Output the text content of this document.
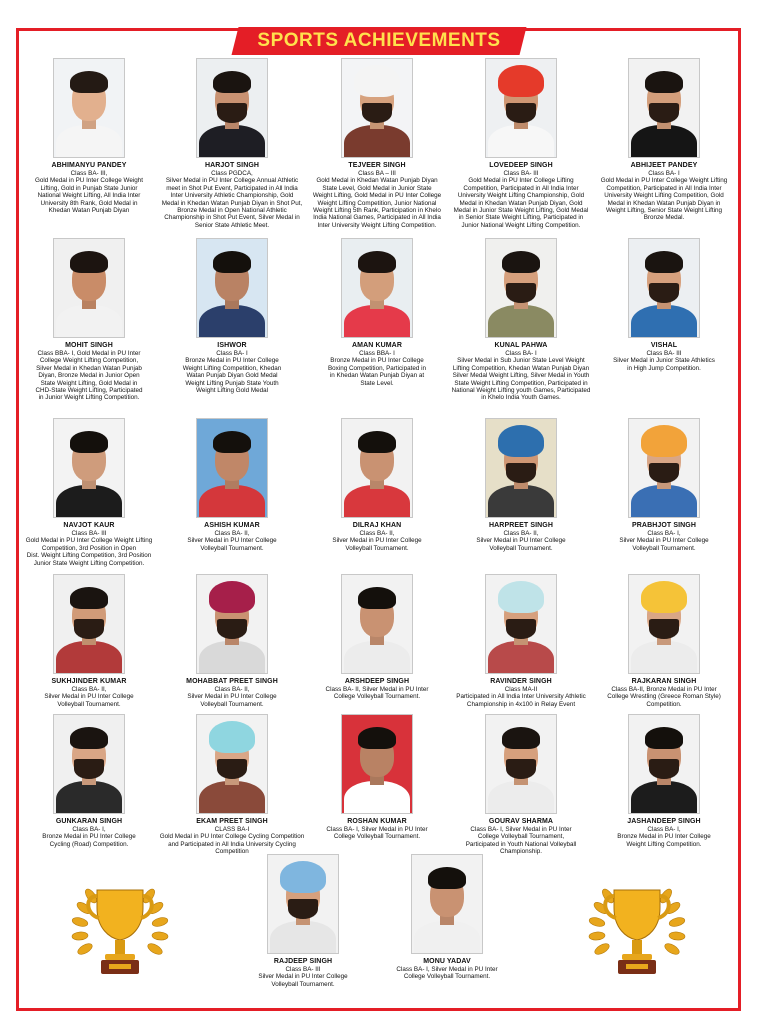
SPORTS ACHIEVEMENTS
ABHIMANYU PANDEY
Class BA- III,
Gold Medal in PU Inter College Weight
Lifting, Gold in Punjab State Junior
National Weight Lifting, All India Inter
University 8th Rank, Gold Medal in
Khedan Watan Punjab Diyan
HARJOT SINGH
Class PGDCA,
Silver Medal in PU Inter College Annual Athletic
meet in Shot Put Event, Participated in All India
Inter University Athletic Championship, Gold
Medal in Khedan Watan Punjab Diyan in Shot Put,
Bronze Medal in Open National Athletic
Championship in Shot Put Event, Silver Medal in
Senior State Athletic Meet.
TEJVEER SINGH
Class BA – III
Gold Medal in Khedan Watan Punjab Diyan
State Level, Gold Medal in Junior State
Weight Lifting, Gold Medal in PU Inter College
Weight Lifting Competition, Junior National
Weight Lifting 5th Rank, Participation in Khelo
India National Games, Participated in All India
Inter University Weight Lifting Competition.
LOVEDEEP SINGH
Class BA- III
Gold Medal in PU Inter College Lifting
Competition, Participated in All India Inter
University Weight Lifting Championship, Gold
Medal in Khedan Watan Punjab Diyan, Gold
Medal in Junior State Weight Lifting, Gold Medal
in Senior State Weight Lifting, Participated in
Junior National Weight Lifting Competition.
ABHIJEET PANDEY
Class BA- I
Gold Medal in PU Inter College Weight Lifting
Competition, Participated in All India Inter
University Weight Lifting Competition, Gold
Medal in Khedan Watan Punjab Diyan in
Weight Lifting, Senior State Weight Lifting
Bronze Medal.
MOHIT SINGH
Class BBA- I, Gold Medal in PU Inter
College Weight Lifting Competition,
Silver Medal in Khedan Watan Punjab
Diyan, Bronze Medal in Junior Open
State Weight Lifting, Gold Medal in
CHD-State Weight Lifting, Participated
in Junior Weight Lifting Competition.
ISHWOR
Class BA- I
Bronze Medal in PU Inter College
Weight Lifting Competition, Khedan
Watan Punjab Diyan Gold Medal
Weight Lifting Punjab State Youth
Weight Lifting Gold Medal
AMAN KUMAR
Class BBA- I
Bronze Medal in PU Inter College
Boxing Competition, Participated in
in Khedan Watan Punjab Diyan at
State Level.
KUNAL PAHWA
Class BA- I
Silver Medal in Sub Junior State Level Weight
Lifting Competition, Khedan Watan Punjab Diyan
Silver Medal Weight Lifting, Silver Medal in Youth
State Weight Lifting Competition, Participated in
National Weight Lifting youth Games, Participated
in Khelo India Youth Games.
VISHAL
Class BA- III
Silver Medal in Junior State Athletics
in High Jump Competition.
NAVJOT KAUR
Class BA- III
Gold Medal in PU Inter College Weight Lifting
Competition, 3rd Position in Open
Dist. Weight Lifting Competition, 3rd Position
Junior State Weight Lifting Competition.
ASHISH KUMAR
Class BA- II,
Silver Medal in PU Inter College
Volleyball Tournament.
DILRAJ KHAN
Class BA- II,
Silver Medal in PU Inter College
Volleyball Tournament.
HARPREET SINGH
Class BA- II,
Silver Medal in PU Inter College
Volleyball Tournament.
PRABHJOT SINGH
Class BA- I,
Silver Medal in PU Inter College
Volleyball Tournament.
SUKHJINDER KUMAR
Class BA- II,
Silver Medal in PU Inter College
Volleyball Tournament.
MOHABBAT PREET SINGH
Class BA- II,
Silver Medal in PU Inter College
Volleyball Tournament.
ARSHDEEP SINGH
Class BA- II, Silver Medal in PU Inter
College Volleyball Tournament.
RAVINDER SINGH
Class MA-II
Participated in All India Inter University Athletic
Championship in 4x100 in Relay Event
RAJKARAN SINGH
Class BA-II, Bronze Medal in PU Inter
College Wrestling (Greece Roman Style)
Competition.
GUNKARAN SINGH
Class BA- I,
Bronze Medal in PU Inter College
Cycling (Road) Competition.
EKAM PREET SINGH
CLASS BA-I
Gold Medal in PU Inter College Cycling Competition
and Participated in All India University Cycling
Competition
ROSHAN KUMAR
Class BA- I, Silver Medal in PU Inter
College Volleyball Tournament.
GOURAV SHARMA
Class BA- I, Silver Medal in PU Inter
College Volleyball Tournament,
Participated in Youth National Volleyball
Championship.
JASHANDEEP SINGH
Class BA- I,
Bronze Medal in PU Inter College
Weight Lifting Competition.
RAJDEEP SINGH
Class BA- III
Silver Medal in PU Inter College
Volleyball Tournament.
MONU YADAV
Class BA- I, Silver Medal in PU Inter
College Volleyball Tournament.
